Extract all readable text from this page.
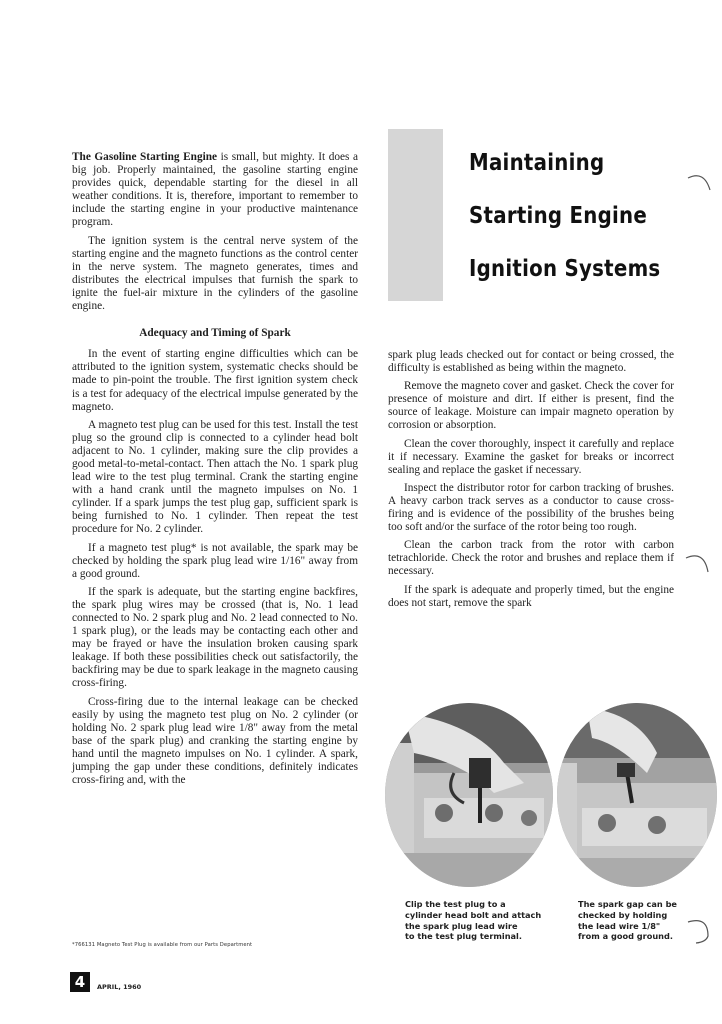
Maintaining
Starting Engine
Ignition Systems

The Gasoline Starting Engine is small, but mighty. It does a big job. Properly maintained, the gasoline starting engine provides quick, dependable starting for the diesel in all weather conditions. It is, therefore, important to remember to include the starting engine in your productive maintenance program.

The ignition system is the central nerve system of the starting engine and the magneto functions as the control center in the nerve system. The magneto generates, times and distributes the electrical impulses that furnish the spark to ignite the fuel-air mixture in the cylinders of the gasoline engine.

Adequacy and Timing of Spark

In the event of starting engine difficulties which can be attributed to the ignition system, systematic checks should be made to pin-point the trouble. The first ignition system check is a test for adequacy of the electrical impulse generated by the magneto.

A magneto test plug can be used for this test. Install the test plug so the ground clip is connected to a cylinder head bolt adjacent to No. 1 cylinder, making sure the clip provides a good metal-to-metal-contact. Then attach the No. 1 spark plug lead wire to the test plug terminal. Crank the starting engine with a hand crank until the magneto impulses on No. 1 cylinder. If a spark jumps the test plug gap, sufficient spark is being furnished to No. 1 cylinder. Then repeat the test procedure for No. 2 cylinder.

If a magneto test plug* is not available, the spark may be checked by holding the spark plug lead wire 1/16" away from a good ground.

If the spark is adequate, but the starting engine backfires, the spark plug wires may be crossed (that is, No. 1 lead connected to No. 2 spark plug and No. 2 lead connected to No. 1 spark plug), or the leads may be contacting each other and may be frayed or have the insulation broken causing spark leakage. If both these possibilities check out satisfactorily, the backfiring may be due to spark leakage in the magneto causing cross-firing.

Cross-firing due to the internal leakage can be checked easily by using the magneto test plug on No. 2 cylinder (or holding No. 2 spark plug lead wire 1/8" away from the metal base of the spark plug) and cranking the starting engine by hand until the magneto impulses on No. 1 cylinder. A spark, jumping the gap under these conditions, definitely indicates cross-firing and, with the

spark plug leads checked out for contact or being crossed, the difficulty is established as being within the magneto.

Remove the magneto cover and gasket. Check the cover for presence of moisture and dirt. If either is present, find the source of leakage. Moisture can impair magneto operation by corrosion or absorption.

Clean the cover thoroughly, inspect it carefully and replace it if necessary. Examine the gasket for breaks or incorrect sealing and replace the gasket if necessary.

Inspect the distributor rotor for carbon tracking of brushes. A heavy carbon track serves as a conductor to cause cross-firing and is evidence of the possibility of the brushes being too soft and/or the surface of the rotor being too rough.

Clean the carbon track from the rotor with carbon tetrachloride. Check the rotor and brushes and replace them if necessary.

If the spark is adequate and properly timed, but the engine does not start, remove the spark

Clip the test plug to a
cylinder head bolt and attach
the spark plug lead wire
to the test plug terminal.
The spark gap can be
checked by holding
the lead wire 1/8"
from a good ground.
*766131 Magneto Test Plug is available from our Parts Department
4	APRIL, 1960
